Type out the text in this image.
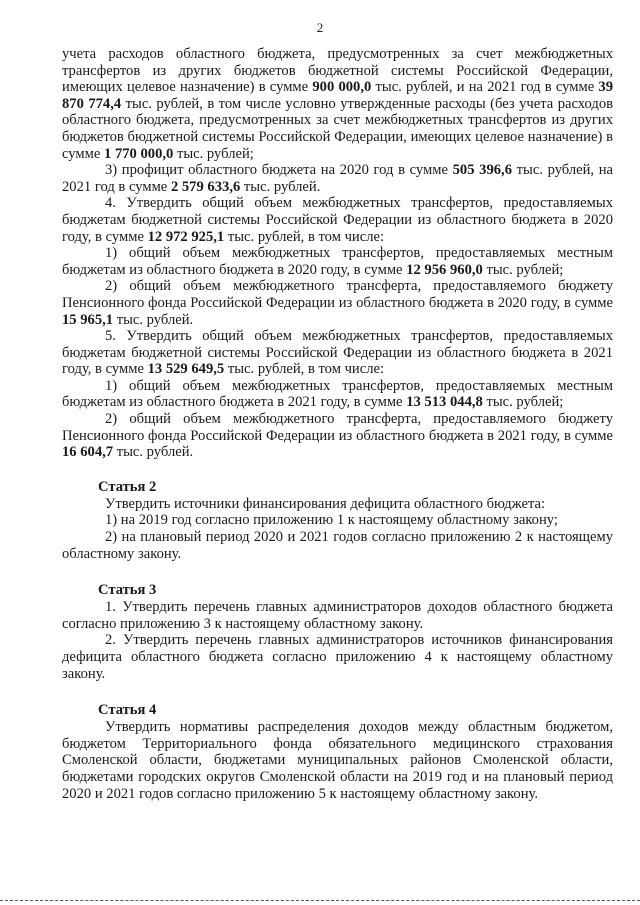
2

учета расходов областного бюджета, предусмотренных за счет межбюджетных трансфертов из других бюджетов бюджетной системы Российской Федерации, имеющих целевое назначение) в сумме 900 000,0 тыс. рублей, и на 2021 год в сумме 39 870 774,4 тыс. рублей, в том числе условно утвержденные расходы (без учета расходов областного бюджета, предусмотренных за счет межбюджетных трансфертов из других бюджетов бюджетной системы Российской Федерации, имеющих целевое назначение) в сумме 1 770 000,0 тыс. рублей;

3) профицит областного бюджета на 2020 год в сумме 505 396,6 тыс. рублей, на 2021 год в сумме 2 579 633,6 тыс. рублей.

4. Утвердить общий объем межбюджетных трансфертов, предоставляемых бюджетам бюджетной системы Российской Федерации из областного бюджета в 2020 году, в сумме 12 972 925,1 тыс. рублей, в том числе:

1) общий объем межбюджетных трансфертов, предоставляемых местным бюджетам из областного бюджета в 2020 году, в сумме 12 956 960,0 тыс. рублей;

2) общий объем межбюджетного трансферта, предоставляемого бюджету Пенсионного фонда Российской Федерации из областного бюджета в 2020 году, в сумме 15 965,1 тыс. рублей.

5. Утвердить общий объем межбюджетных трансфертов, предоставляемых бюджетам бюджетной системы Российской Федерации из областного бюджета в 2021 году, в сумме 13 529 649,5 тыс. рублей, в том числе:

1) общий объем межбюджетных трансфертов, предоставляемых местным бюджетам из областного бюджета в 2021 году, в сумме 13 513 044,8 тыс. рублей;

2) общий объем межбюджетного трансферта, предоставляемого бюджету Пенсионного фонда Российской Федерации из областного бюджета в 2021 году, в сумме 16 604,7 тыс. рублей.

Статья 2

Утвердить источники финансирования дефицита областного бюджета:

1) на 2019 год согласно приложению 1 к настоящему областному закону;

2) на плановый период 2020 и 2021 годов согласно приложению 2 к настоящему областному закону.

Статья 3

1. Утвердить перечень главных администраторов доходов областного бюджета согласно приложению 3 к настоящему областному закону.

2. Утвердить перечень главных администраторов источников финансирования дефицита областного бюджета согласно приложению 4 к настоящему областному закону.

Статья 4

Утвердить нормативы распределения доходов между областным бюджетом, бюджетом Территориального фонда обязательного медицинского страхования Смоленской области, бюджетами муниципальных районов Смоленской области, бюджетами городских округов Смоленской области на 2019 год и на плановый период 2020 и 2021 годов согласно приложению 5 к настоящему областному закону.
